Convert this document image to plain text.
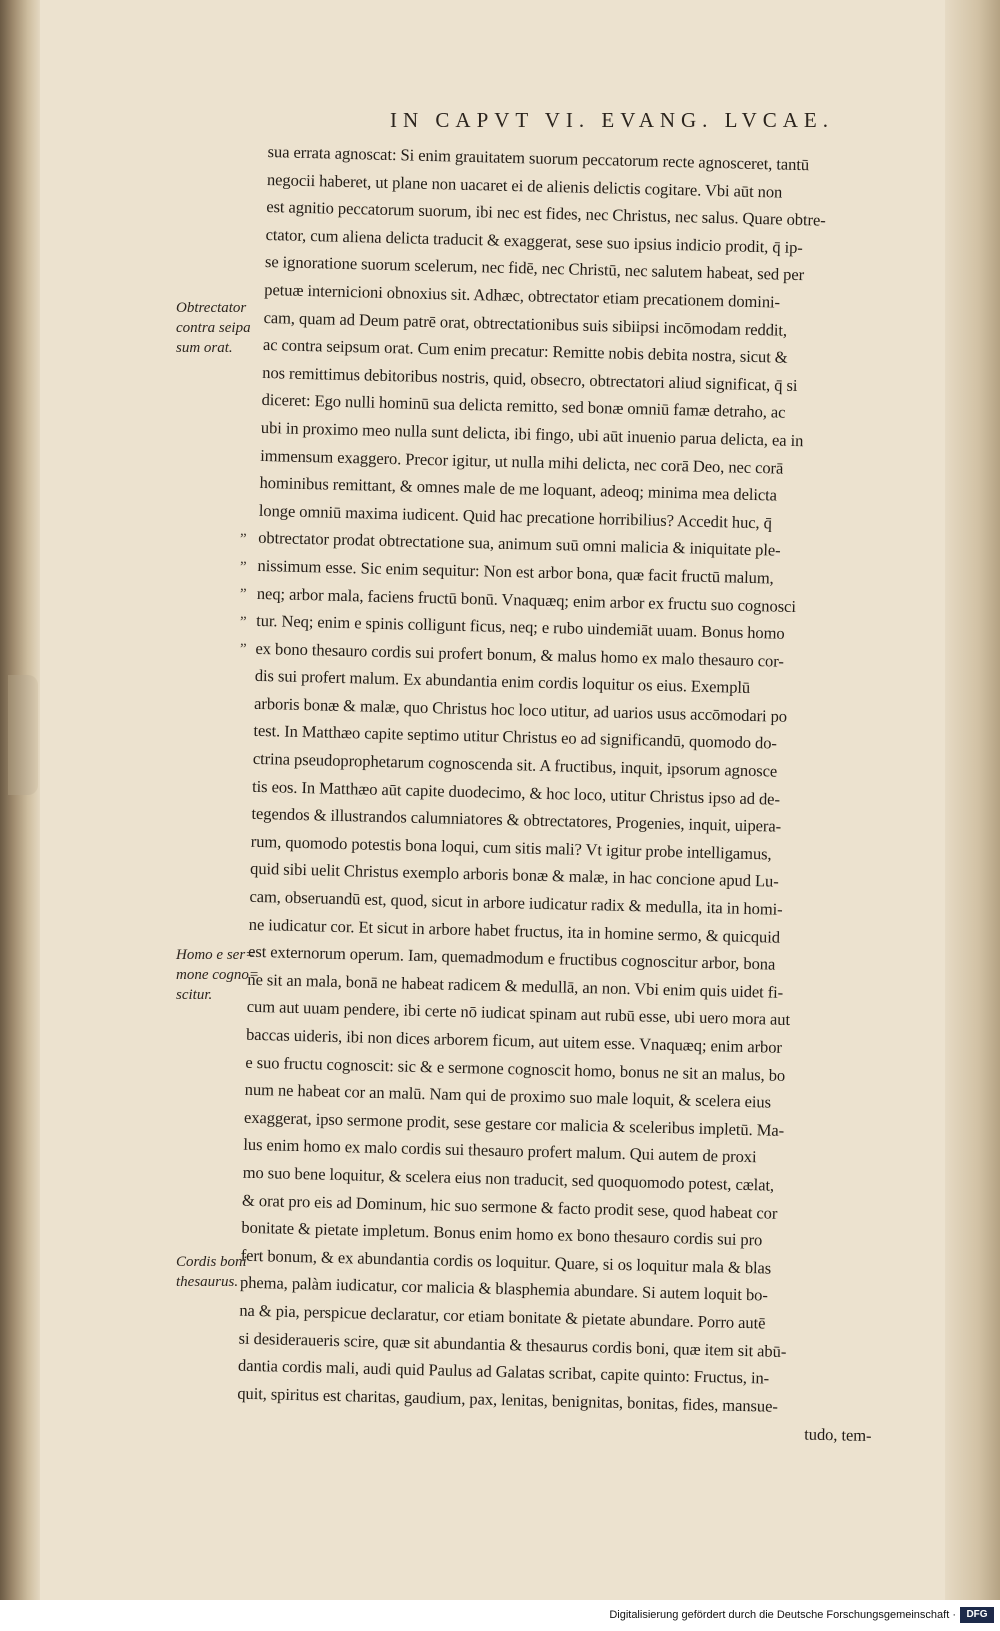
IN CAPVT VI. EVANG. LVCAE.
sua errata agnoscat: Si enim grauitatem suorum peccatorum recte agnosceret, tantū
negocii haberet, ut plane non uacaret ei de alienis delictis cogitare. Vbi aūt non
est agnitio peccatorum suorum, ibi nec est fides, nec Christus, nec salus. Quare obtre-
ctator, cum aliena delicta traducit & exaggerat, sese suo ipsius indicio prodit, q̄ ip-
se ignoratione suorum scelerum, nec fidē, nec Christū, nec salutem habeat, sed per
petuæ internicioni obnoxius sit. Adhæc, obtrectator etiam precationem domini-
cam, quam ad Deum patrē orat, obtrectationibus suis sibiipsi incōmodam reddit,
ac contra seipsum orat. Cum enim precatur: Remitte nobis debita nostra, sicut &
nos remittimus debitoribus nostris, quid, obsecro, obtrectatori aliud significat, q̄ si
diceret: Ego nulli hominū sua delicta remitto, sed bonæ omniū famæ detraho, ac
ubi in proximo meo nulla sunt delicta, ibi fingo, ubi aūt inuenio parua delicta, ea in
immensum exaggero. Precor igitur, ut nulla mihi delicta, nec corā Deo, nec corā
hominibus remittant, & omnes male de me loquant, adeoq; minima mea delicta
longe omniū maxima iudicent. Quid hac precatione horribilius? Accedit huc, q̄
obtrectator prodat obtrectatione sua, animum suū omni malicia & iniquitate ple-
nissimum esse. Sic enim sequitur: Non est arbor bona, quæ facit fructū malum,
neq; arbor mala, faciens fructū bonū. Vnaquæq; enim arbor ex fructu suo cognosci
tur. Neq; enim e spinis colligunt ficus, neq; e rubo uindemiāt uuam. Bonus homo
ex bono thesauro cordis sui profert bonum, & malus homo ex malo thesauro cor-
dis sui profert malum. Ex abundantia enim cordis loquitur os eius. Exemplū
arboris bonæ & malæ, quo Christus hoc loco utitur, ad uarios usus accōmodari po
test. In Matthæo capite septimo utitur Christus eo ad significandū, quomodo do-
ctrina pseudoprophetarum cognoscenda sit. A fructibus, inquit, ipsorum agnosce
tis eos. In Matthæo aūt capite duodecimo, & hoc loco, utitur Christus ipso ad de-
tegendos & illustrandos calumniatores & obtrectatores, Progenies, inquit, uipera-
rum, quomodo potestis bona loqui, cum sitis mali? Vt igitur probe intelligamus,
quid sibi uelit Christus exemplo arboris bonæ & malæ, in hac concione apud Lu-
cam, obseruandū est, quod, sicut in arbore iudicatur radix & medulla, ita in homi-
ne iudicatur cor. Et sicut in arbore habet fructus, ita in homine sermo, & quicquid
est externorum operum. Iam, quemadmodum e fructibus cognoscitur arbor, bona
ne sit an mala, bonā ne habeat radicem & medullā, an non. Vbi enim quis uidet fi-
cum aut uuam pendere, ibi certe nō iudicat spinam aut rubū esse, ubi uero mora aut
baccas uideris, ibi non dices arborem ficum, aut uitem esse. Vnaquæq; enim arbor
e suo fructu cognoscit: sic & e sermone cognoscit homo, bonus ne sit an malus, bo
num ne habeat cor an malū. Nam qui de proximo suo male loquit, & scelera eius
exaggerat, ipso sermone prodit, sese gestare cor malicia & sceleribus impletū. Ma-
lus enim homo ex malo cordis sui thesauro profert malum. Qui autem de proxi
mo suo bene loquitur, & scelera eius non traducit, sed quoquomodo potest, cælat,
& orat pro eis ad Dominum, hic suo sermone & facto prodit sese, quod habeat cor
bonitate & pietate impletum. Bonus enim homo ex bono thesauro cordis sui pro
fert bonum, & ex abundantia cordis os loquitur. Quare, si os loquitur mala & blas
phema, palàm iudicatur, cor malicia & blasphemia abundare. Si autem loquit bo-
na & pia, perspicue declaratur, cor etiam bonitate & pietate abundare. Porro autē
si desideraueris scire, quæ sit abundantia & thesaurus cordis boni, quæ item sit abū-
dantia cordis mali, audi quid Paulus ad Galatas scribat, capite quinto: Fructus, in-
quit, spiritus est charitas, gaudium, pax, lenitas, benignitas, bonitas, fides, mansue-
tudo, tem-
Obtrectator
contra seipa
sum orat.
Homo e ser=
mone cogno=
scitur.
Cordis boni
thesaurus.
„
„
„
„
„
Digitalisierung gefördert durch die Deutsche Forschungsgemeinschaft ·	DFG
